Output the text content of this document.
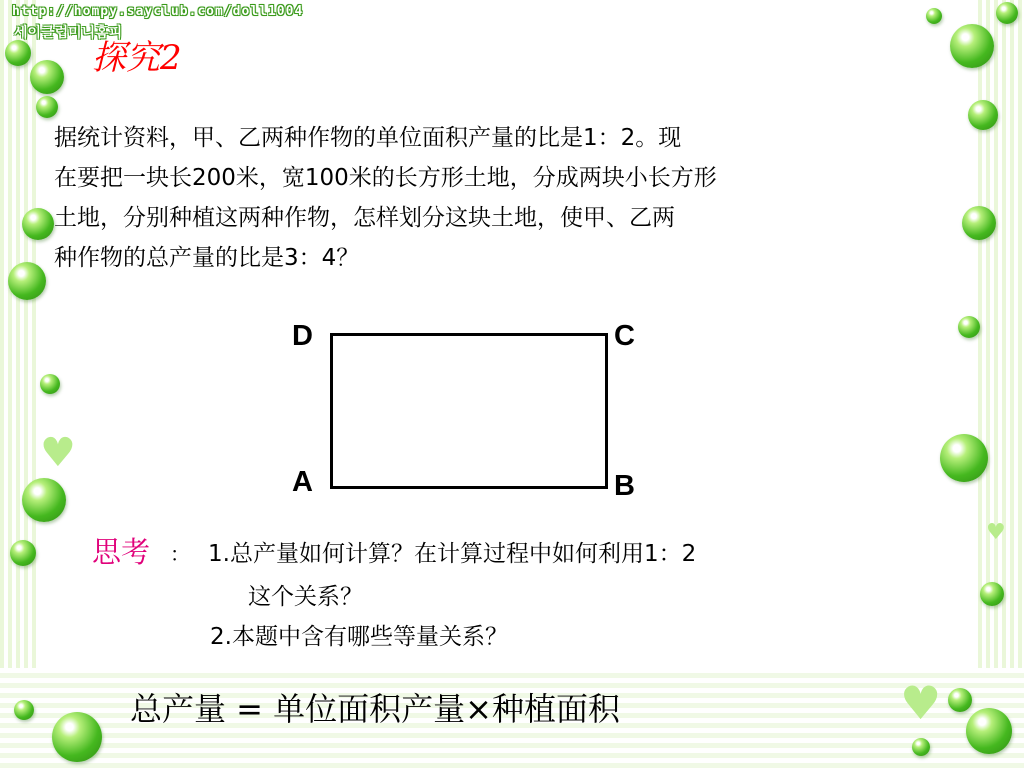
♥
♥
♥
http://hompy.sayclub.com/doll1004
세이클럽미니홈피
探究2
据统计资料，甲、乙两种作物的单位面积产量的比是1：2。现
在要把一块长200米，宽100米的长方形土地，分成两块小长方形
土地，分别种植这两种作物，怎样划分这块土地，使甲、乙两
种作物的总产量的比是3：4？
D	C
A	B
思考 ： 1.总产量如何计算？在计算过程中如何利用1：2
这个关系？
2.本题中含有哪些等量关系？
总产量 = 单位面积产量×种植面积
